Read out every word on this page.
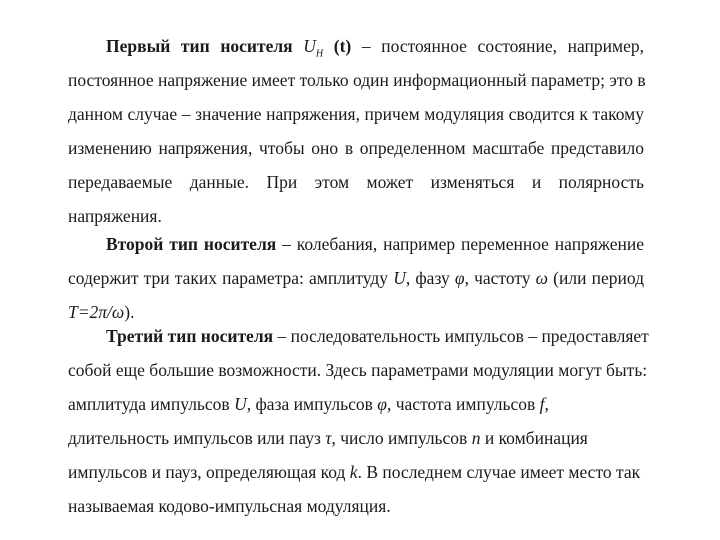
Первый тип носителя $U_Н$ (t) – постоянное состояние, например,
постоянное напряжение имеет только один информационный параметр; это в
данном случае – значение напряжения, причем модуляция сводится к такому
изменению напряжения, чтобы оно в определенном масштабе представило
передаваемые данные. При этом может изменяться и полярность
напряжения.
Второй тип носителя – колебания, например переменное напряжение
содержит три таких параметра: амплитуду U, фазу φ, частоту ω (или период
T=2π/ω).
Третий тип носителя – последовательность импульсов – предоставляет
собой еще большие возможности. Здесь параметрами модуляции могут быть:
амплитуда импульсов U, фаза импульсов φ, частота импульсов f,
длительность импульсов или пауз τ, число импульсов n и комбинация
импульсов и пауз, определяющая код k. В последнем случае имеет место так
называемая кодово-импульсная модуляция.
